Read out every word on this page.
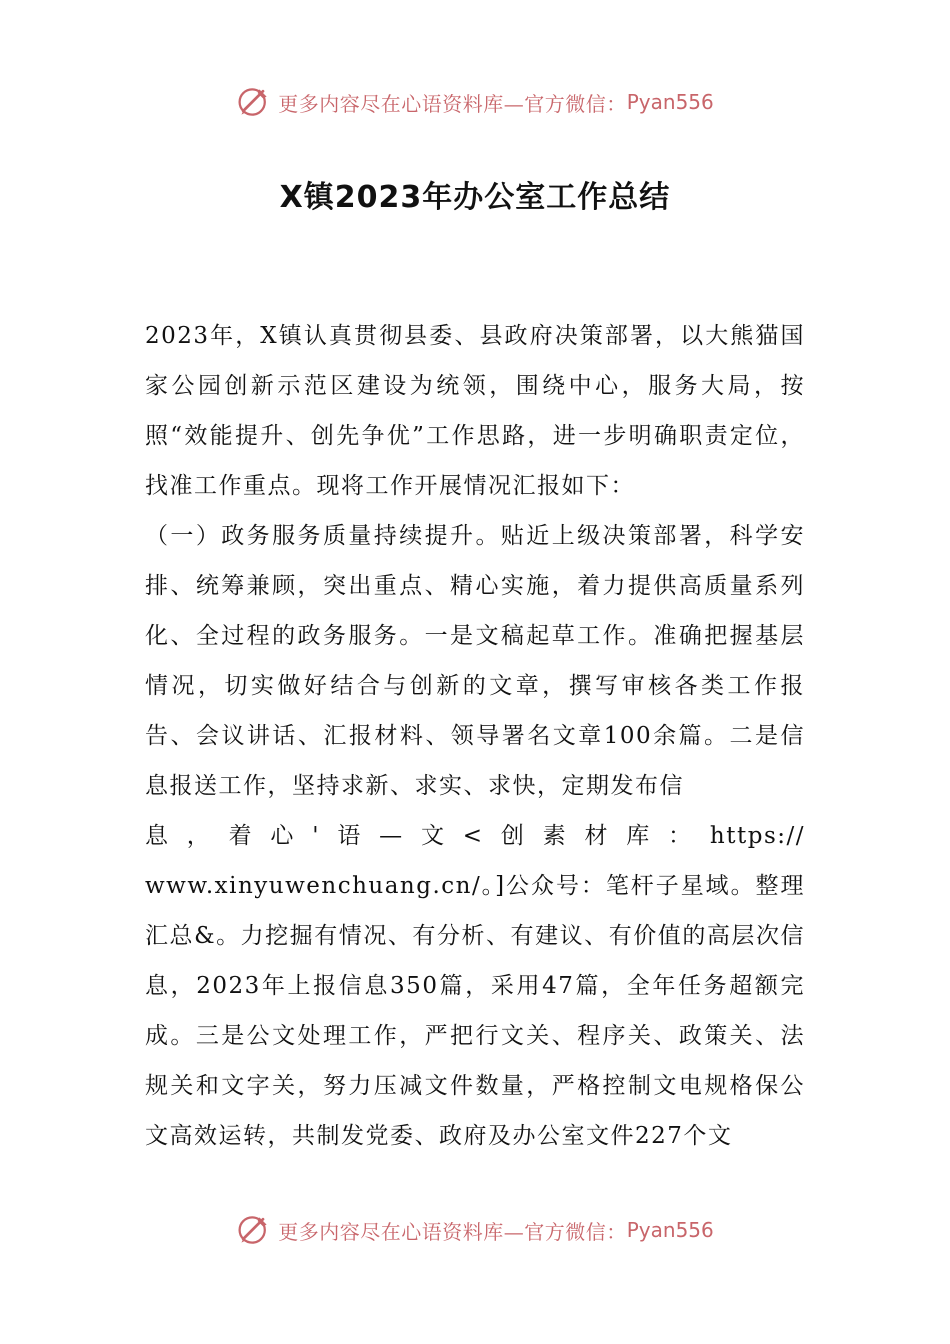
更多内容尽在心语资料库—官方微信： Pyan556
X镇2023年办公室工作总结

2023年，X镇认真贯彻县委、县政府决策部署，以大熊猫国家公园创新示范区建设为统领，围绕中心，服务大局，按照“效能提升、创先争优”工作思路，进一步明确职责定位，找准工作重点。现将工作开展情况汇报如下：

（一）政务服务质量持续提升。贴近上级决策部署，科学安排、统筹兼顾，突出重点、精心实施，着力提供高质量系列化、全过程的政务服务。一是文稿起草工作。准确把握基层情况，切实做好结合与创新的文章，撰写审核各类工作报告、会议讲话、汇报材料、领导署名文章100余篇。二是信息报送工作，坚持求新、求实、求快，定期发布信

息，着心'语—文<创素材库：https://

www.xinyuwenchuang.cn/。]公众号：笔杆子星域。整理汇总&。力挖掘有情况、有分析、有建议、有价值的高层次信息，2023年上报信息350篇，采用47篇，全年任务超额完成。三是公文处理工作，严把行文关、程序关、政策关、法规关和文字关，努力压减文件数量，严格控制文电规格保公文高效运转，共制发党委、政府及办公室文件227个文

更多内容尽在心语资料库—官方微信： Pyan556
